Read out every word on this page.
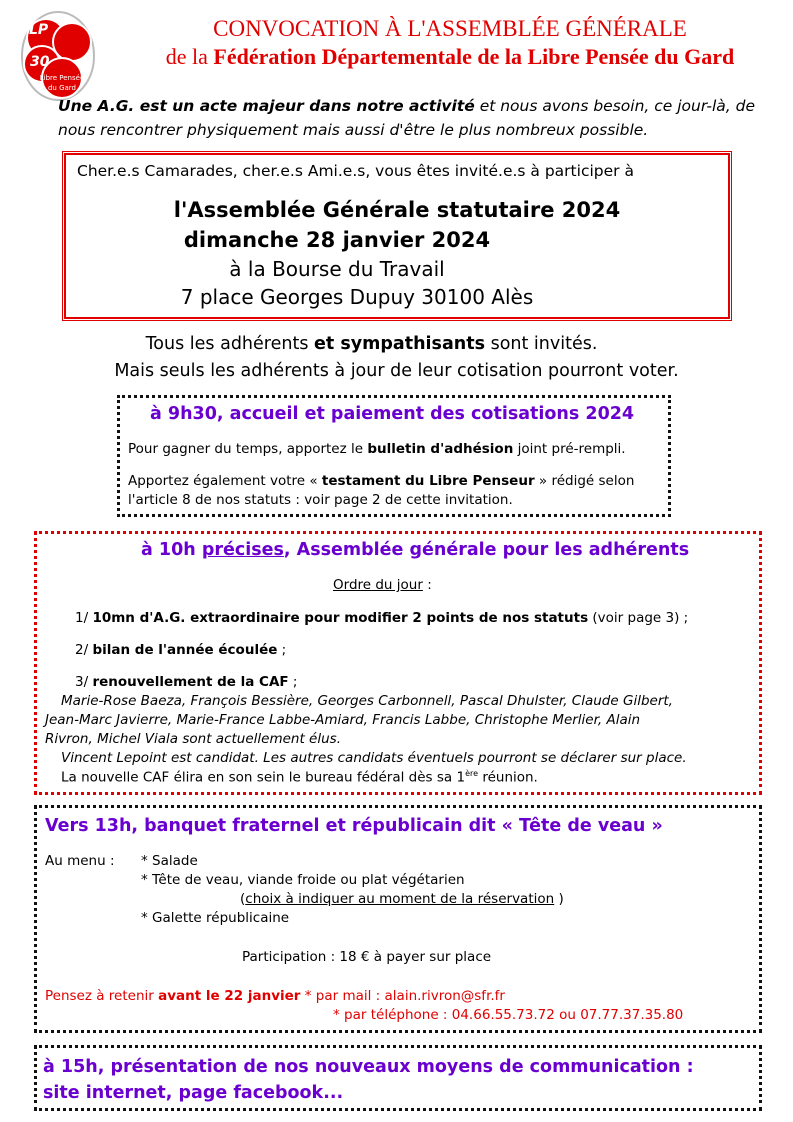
LP
30
Libre Pensée
du Gard
CONVOCATION À L'ASSEMBLÉE GÉNÉRALE
de la Fédération Départementale de la Libre Pensée du Gard
Une A.G. est un acte majeur dans notre activité et nous avons besoin, ce jour-là, de nous rencontrer physiquement mais aussi d'être le plus nombreux possible.
Cher.e.s Camarades, cher.e.s Ami.e.s, vous êtes invité.e.s à participer à
l'Assemblée Générale statutaire 2024
dimanche 28 janvier 2024
à la Bourse du Travail
7 place Georges Dupuy 30100 Alès
Tous les adhérents et sympathisants sont invités.
Mais seuls les adhérents à jour de leur cotisation pourront voter.
à 9h30, accueil et paiement des cotisations 2024
Pour gagner du temps, apportez le bulletin d'adhésion joint pré-rempli.
Apportez également votre « testament du Libre Penseur » rédigé selon
l'article 8 de nos statuts : voir page 2 de cette invitation.
à 10h précises, Assemblée générale pour les adhérents
Ordre du jour :
1/ 10mn d'A.G. extraordinaire pour modifier 2 points de nos statuts (voir page 3) ;
2/ bilan de l'année écoulée ;
3/ renouvellement de la CAF ;
Marie-Rose Baeza, François Bessière, Georges Carbonnell, Pascal Dhulster, Claude Gilbert,
Jean-Marc Javierre, Marie-France Labbe-Amiard, Francis Labbe, Christophe Merlier, Alain
Rivron, Michel Viala sont actuellement élus.
Vincent Lepoint est candidat. Les autres candidats éventuels pourront se déclarer sur place.
La nouvelle CAF élira en son sein le bureau fédéral dès sa 1ère réunion.
Vers 13h, banquet fraternel et républicain dit « Tête de veau »
Au menu : * Salade
* Tête de veau, viande froide ou plat végétarien
(choix à indiquer au moment de la réservation )
* Galette républicaine
Participation : 18 € à payer sur place
Pensez à retenir avant le 22 janvier * par mail : alain.rivron@sfr.fr
* par téléphone : 04.66.55.73.72 ou 07.77.37.35.80
à 15h, présentation de nos nouveaux moyens de communication :
site internet, page facebook...
